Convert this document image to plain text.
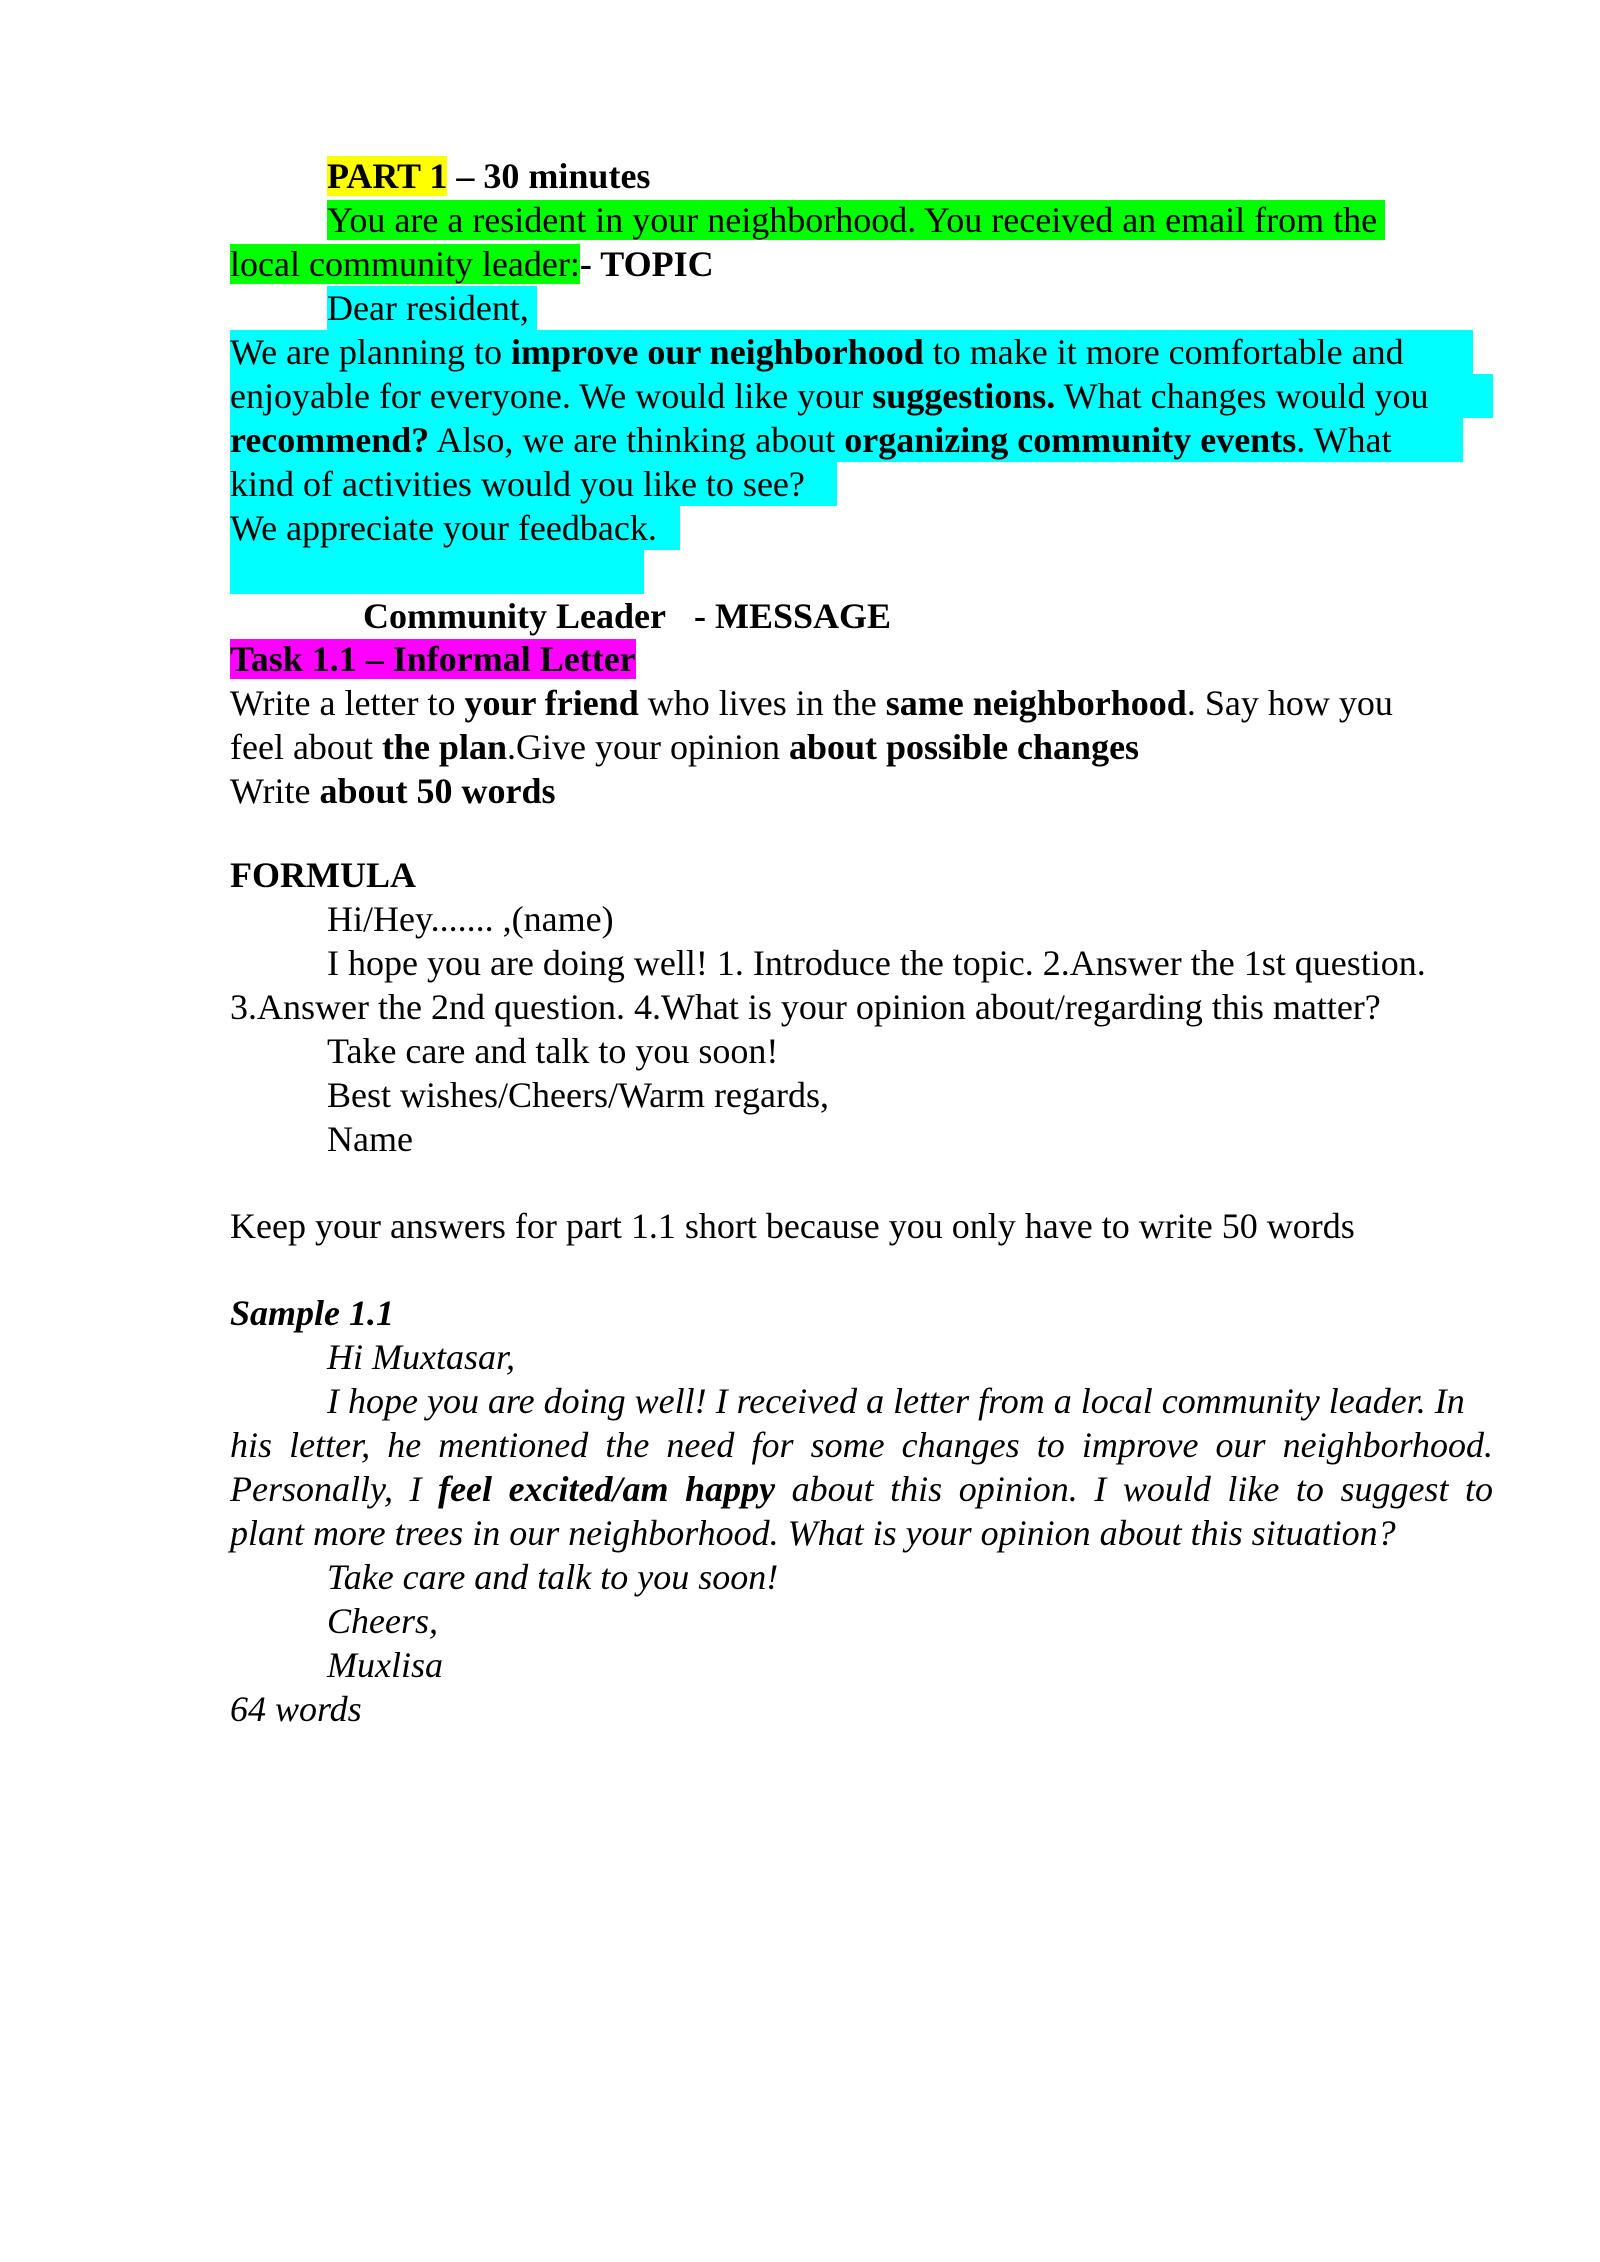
PART 1 – 30 minutes
You are a resident in your neighborhood. You received an email from the
local community leader:- TOPIC
Dear resident,
We are planning to improve our neighborhood to make it more comfortable and
enjoyable for everyone. We would like your suggestions. What changes would you
recommend? Also, we are thinking about organizing community events. What
kind of activities would you like to see?
We appreciate your feedback.

Community Leader  - MESSAGE

Task 1.1 – Informal Letter
Write a letter to your friend who lives in the same neighborhood. Say how you
feel about the plan.Give your opinion about possible changes
Write about 50 words
FORMULA
Hi/Hey....... ,(name)
I hope you are doing well! 1. Introduce the topic. 2.Answer the 1st question.
3.Answer the 2nd question. 4.What is your opinion about/regarding this matter?
Take care and talk to you soon!
Best wishes/Cheers/Warm regards,
Name
Keep your answers for part 1.1 short because you only have to write 50 words
Sample 1.1
Hi Muxtasar,
I hope you are doing well! I received a letter from a local community leader. In
his letter, he mentioned the need for some changes to improve our neighborhood.
Personally, I feel excited/am happy about this opinion. I would like to suggest to
plant more trees in our neighborhood. What is your opinion about this situation?
Take care and talk to you soon!
Cheers,
Muxlisa
64 words
